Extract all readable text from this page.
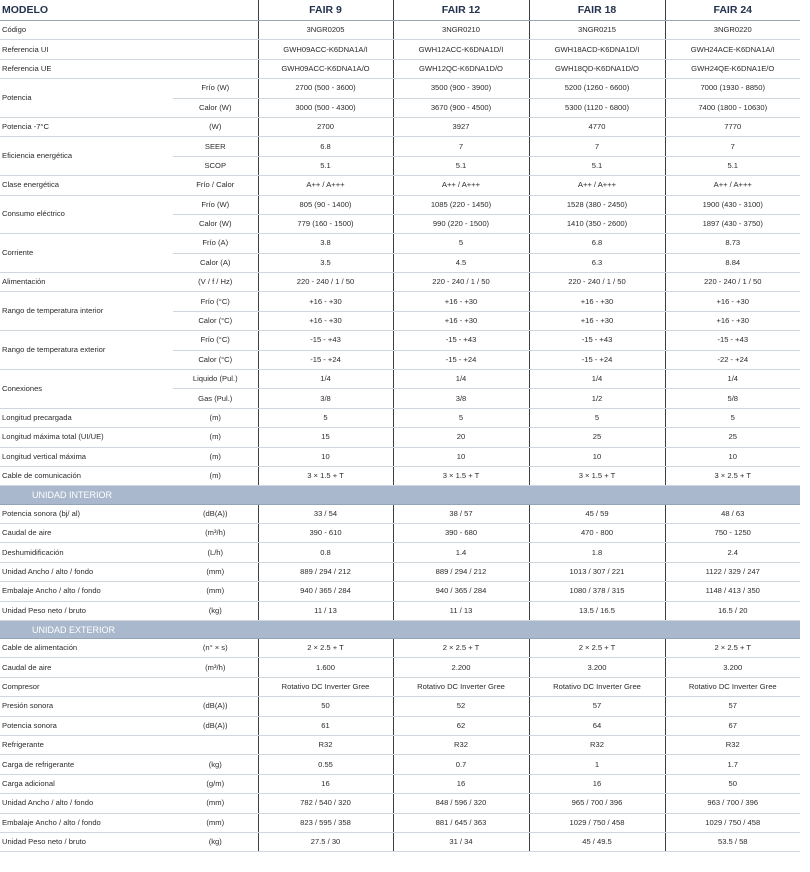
MODELO		FAIR 9	FAIR 12	FAIR 18	FAIR 24
Código		3NGR0205	3NGR0210	3NGR0215	3NGR0220
Referencia UI		GWH09ACC-K6DNA1A/I	GWH12ACC-K6DNA1D/I	GWH18ACD-K6DNA1D/I	GWH24ACE-K6DNA1A/I
Referencia UE		GWH09ACC-K6DNA1A/O	GWH12QC-K6DNA1D/O	GWH18QD-K6DNA1D/O	GWH24QE-K6DNA1E/O
Potencia	Frío (W)	2700 (500 - 3600)	3500 (900 - 3900)	5200 (1260 - 6600)	7000 (1930 - 8850)
	Calor (W)	3000 (500 - 4300)	3670 (900 - 4500)	5300 (1120 - 6800)	7400 (1800 - 10630)
Potencia -7°C	(W)	2700	3927	4770	7770
Eficiencia energética	SEER	6.8	7	7	7
	SCOP	5.1	5.1	5.1	5.1
Clase energética	Frío / Calor	A++ / A+++	A++ / A+++	A++ / A+++	A++ / A+++
Consumo eléctrico	Frío (W)	805 (90 - 1400)	1085 (220 - 1450)	1528 (380 - 2450)	1900 (430 - 3100)
	Calor (W)	779 (160 - 1500)	990 (220 - 1500)	1410 (350 - 2600)	1897 (430 - 3750)
Corriente	Frío (A)	3.8	5	6.8	8.73
	Calor (A)	3.5	4.5	6.3	8.84
Alimentación	(V / f / Hz)	220 - 240 / 1 / 50	220 - 240 / 1 / 50	220 - 240 / 1 / 50	220 - 240 / 1 / 50
Rango de temperatura interior	Frío (°C)	+16 - +30	+16 - +30	+16 - +30	+16 - +30
	Calor (°C)	+16 - +30	+16 - +30	+16 - +30	+16 - +30
Rango de temperatura exterior	Frío (°C)	-15 - +43	-15 - +43	-15 - +43	-15 - +43
	Calor (°C)	-15 - +24	-15 - +24	-15 - +24	-22 - +24
Conexiones	Liquido (Pul.)	1/4	1/4	1/4	1/4
	Gas (Pul.)	3/8	3/8	1/2	5/8
Longitud precargada	(m)	5	5	5	5
Longitud máxima total (UI/UE)	(m)	15	20	25	25
Longitud vertical máxima	(m)	10	10	10	10
Cable de comunicación	(m)	3 × 1.5 + T	3 × 1.5 + T	3 × 1.5 + T	3 × 2.5 + T
UNIDAD INTERIOR					
Potencia sonora (bj/ al)	(dB(A))	33 / 54	38 / 57	45 / 59	48 / 63
Caudal de aire	(m³/h)	390 - 610	390 - 680	470 - 800	750 - 1250
Deshumidificación	(L/h)	0.8	1.4	1.8	2.4
Unidad Ancho / alto / fondo	(mm)	889 / 294 / 212	889 / 294 / 212	1013 / 307 / 221	1122 / 329 / 247
Embalaje Ancho / alto / fondo	(mm)	940 / 365 / 284	940 / 365 / 284	1080 / 378 / 315	1148 / 413 / 350
Unidad Peso neto / bruto	(kg)	11 / 13	11 / 13	13.5 / 16.5	16.5 / 20
UNIDAD EXTERIOR					
Cable de alimentación	(n° × s)	2 × 2.5 + T	2 × 2.5 + T	2 × 2.5 + T	2 × 2.5 + T
Caudal de aire	(m³/h)	1.600	2.200	3.200	3.200
Compresor		Rotativo DC Inverter Gree	Rotativo DC Inverter Gree	Rotativo DC Inverter Gree	Rotativo DC Inverter Gree
Presión sonora	(dB(A))	50	52	57	57
Potencia sonora	(dB(A))	61	62	64	67
Refrigerante		R32	R32	R32	R32
Carga de refrigerante	(kg)	0.55	0.7	1	1.7
Carga adicional	(g/m)	16	16	16	50
Unidad Ancho / alto / fondo	(mm)	782 / 540 / 320	848 / 596 / 320	965 / 700 / 396	963 / 700 / 396
Embalaje Ancho / alto / fondo	(mm)	823 / 595 / 358	881 / 645 / 363	1029 / 750 / 458	1029 / 750 / 458
Unidad Peso neto / bruto	(kg)	27.5 / 30	31 / 34	45 / 49.5	53.5 / 58
